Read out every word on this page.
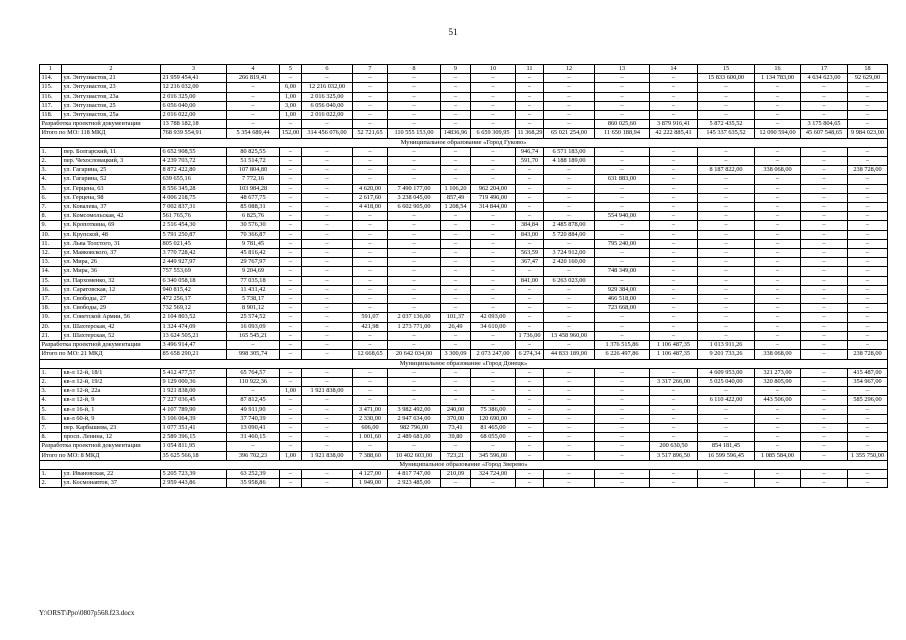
51
1	2	3	4	5	6	7	8	9	10	11	12	13	14	15	16	17	18
114.	ул. Энтузиастов, 21	21 959 454,41	266 819,41	–	–	–	–	–	–	–	–	–	–	15 833 600,00	1 134 783,00	4 634 623,00	92 629,00
115.	ул. Энтузиастов, 23	12 216 032,00	–	6,00	12 216 032,00	–	–	–	–	–	–	–	–	–	–	–	–
116.	ул. Энтузиастов, 23а	2 016 325,00	–	1,00	2 016 325,00	–	–	–	–	–	–	–	–	–	–	–	–
117.	ул. Энтузиастов, 25	6 056 040,00	–	3,00	6 056 040,00	–	–	–	–	–	–	–	–	–	–	–	–
118.	ул. Энтузиастов, 25а	2 016 022,00	–	1,00	2 016 022,00	–	–	–	–	–	–	–	–	–	–	–	–
Разработка проектной документации		13 788 182,18	–	–	–	–	–	–	–	–	–	860 025,60	3 879 916,41	5 872 435,52	–	3 175 804,65	–
Итого по МО: 118 МКД		768 939 554,91	5 354 689,44	152,00	314 456 076,00	52 721,65	110 555 153,00	14836,96	6 659 309,95	11 368,29	65 021 254,00	11 650 188,94	42 222 885,41	145 337 635,52	12 090 594,00	45 607 548,65	9 984 023,00
Муниципальное образование «Город Гуково»																	
1.	пер. Болгарский, 11	6 652 908,55	80 825,55	–	–	–	–	–	–	946,74	6 571 183,00	–	–	–	–	–	–
2.	пер. Чехословацкий, 3	4 239 703,72	51 514,72	–	–	–	–	–	–	591,70	4 188 189,00	–	–	–	–	–	–
3.	ул. Гагарина, 25	8 872 422,80	107 804,80	–	–	–	–	–	–	–	–	–	–	8 187 822,00	338 068,00	–	238 728,00
4.	ул. Гагарина, 52	639 655,16	7 772,16	–	–	–	–	–	–	–	–	631 883,00	–	–	–	–	–
5.	ул. Герцена, 63	8 556 345,28	103 984,28	–	–	4 620,00	7 490 177,00	1 106,20	962 204,00	–	–	–	–	–	–	–	–
6.	ул. Герцена, 98	4 006 218,75	48 677,75	–	–	2 617,60	3 238 045,00	857,49	719 496,00	–	–	–	–	–	–	–	–
7.	ул. Ковалева, 37	7 002 837,31	85 088,31	–	–	4 418,00	6 602 905,00	1 208,54	314 844,00	–	–	–	–	–	–	–	–
8.	ул. Комсомольская, 42	561 765,76	6 825,76	–	–	–	–	–	–	–	–	554 940,00	–	–	–	–	–
9.	ул. Кропоткина, 69	2 516 454,30	30 576,30	–	–	–	–	–	–	384,84	2 485 878,00	–	–	–	–	–	–
10.	ул. Крупской, 48	5 791 250,87	70 366,87	–	–	–	–	–	–	843,00	5 720 884,00	–	–	–	–	–	–
11.	ул. Льва Толстого, 31	805 021,45	9 781,45	–	–	–	–	–	–	–	–	795 240,00	–	–	–	–	–
12.	ул. Маяковского, 37	3 770 728,42	45 816,42	–	–	–	–	–	–	563,59	3 724 912,00	–	–	–	–	–	–
13.	ул. Мира, 26	2 449 927,97	29 767,97	–	–	–	–	–	–	367,47	2 420 160,00	–	–	–	–	–	–
14.	ул. Мира, 36	757 553,69	9 204,69	–	–	–	–	–	–	–	–	748 349,00	–	–	–	–	–
15.	ул. Пархоменко, 32	6 340 058,18	77 035,18	–	–	–	–	–	–	841,00	6 263 023,00	–	–	–	–	–	–
16.	ул. Саратовская, 12	940 815,42	11 431,42	–	–	–	–	–	–	–	–	929 384,00	–	–	–	–	–
17.	ул. Свободы, 27	472 256,17	5 738,17	–	–	–	–	–	–	–	–	466 518,00	–	–	–	–	–
18.	ул. Свободы, 29	732 569,12	8 901,12	–	–	–	–	–	–	–	–	723 668,00	–	–	–	–	–
19.	ул. Советской Армии, 56	2 104 803,52	25 574,52	–	–	591,07	2 037 136,00	101,37	42 093,00	–	–	–	–	–	–	–	–
20.	ул. Шахтерская, 42	1 324 474,09	16 093,09	–	–	421,98	1 273 771,00	26,49	34 610,00	–	–	–	–	–	–	–	–
21.	ул. Шахтерская, 52	13 624 505,21	165 545,21	–	–	–	–	–	–	1 736,00	13 458 960,00	–	–	–	–	–	–
Разработка проектной документации		3 496 914,47	–	–	–	–	–	–	–	–	–	1 376 515,86	1 106 487,35	1 013 911,26	–	–	–
Итого по МО: 21 МКД		85 658 290,21	998 305,74	–	–	12 668,65	20 642 034,00	3 300,09	2 073 247,00	6 274,34	44 833 189,00	6 226 497,86	1 106 487,35	9 201 733,26	338 068,00	–	238 728,00
Муниципальное образование «Город Донецк»																	
1.	кв-л 12-й, 18/1	5 412 477,57	65 764,57	–	–	–	–	–	–	–	–	–	–	4 609 953,00	321 273,00	–	415 487,00
2.	кв-л 12-й, 19/2	9 129 000,36	110 922,36	–	–	–	–	–	–	–	–	–	3 317 266,00	5 025 040,00	320 805,00	–	354 967,00
3.	кв-л 12-й, 22а	1 921 838,00	–	1,00	1 921 838,00	–	–	–	–	–	–	–	–	–	–	–	–
4.	кв-л 12-й, 9	7 227 036,45	87 812,45	–	–	–	–	–	–	–	–	–	–	6 110 422,00	443 506,00	–	585 296,00
5.	кв-л 16-й, 1	4 107 789,90	49 911,90	–	–	3 471,00	3 982 492,00	240,00	75 386,00	–	–	–	–	–	–	–	–
6.	кв-л 60-й, 9	3 106 064,39	37 740,39	–	–	2 330,00	2 947 634,00	370,00	120 690,00	–	–	–	–	–	–	–	–
7.	пер. Карбышева, 23	1 077 351,41	13 090,41	–	–	606,00	982 796,00	73,41	81 465,00	–	–	–	–	–	–	–	–
8.	просп. Ленина, 12	2 589 396,15	31 460,15	–	–	1 001,60	2 489 681,00	39,80	68 055,00	–	–	–	–	–	–	–	–
Разработка проектной документации		1 054 811,95	–	–	–	–	–	–	–	–	–	–	200 630,50	854 181,45	–	–	–
Итого по МО: 8 МКД		35 625 566,18	396 702,23	1,00	1 921 838,00	7 388,60	10 402 603,00	723,21	345 596,00	–	–	–	3 517 896,50	16 599 596,45	1 085 584,00	–	1 355 750,00
Муниципальное образование «Город Зверево»																	
1.	ул. Ивановская, 22	5 205 723,39	63 252,39	–	–	4 127,00	4 817 747,00	210,09	324 724,00	–	–	–	–	–	–	–	–
2.	ул. Космонавтов, 37	2 959 443,86	35 958,86	–	–	1 949,00	2 923 485,00	–	–	–	–	–	–	–	–	–	–
Y:\ORST\Ppo\0807p568.f23.docx
